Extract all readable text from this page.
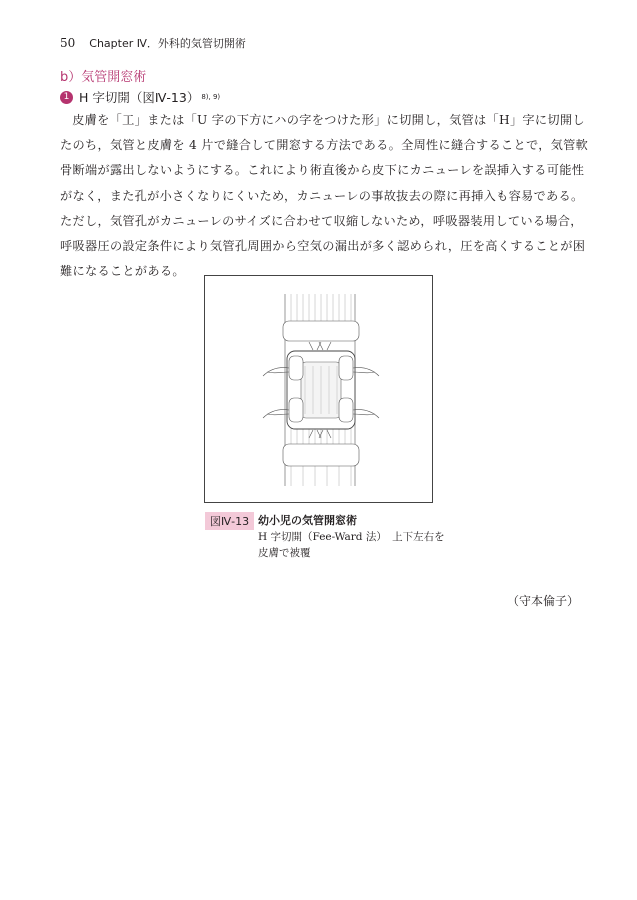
50 Chapter Ⅳ．外科的気管切開術
b）気管開窓術
1 H 字切開（図Ⅳ-13） 8), 9)
皮膚を「工」または「U 字の下方にハの字をつけた形」に切開し，気管は「H」字に切開し
たのち，気管と皮膚を 4 片で縫合して開窓する方法である。全周性に縫合することで，気管軟
骨断端が露出しないようにする。これにより術直後から皮下にカニューレを誤挿入する可能性
がなく，また孔が小さくなりにくいため，カニューレの事故抜去の際に再挿入も容易である。
ただし，気管孔がカニューレのサイズに合わせて収縮しないため，呼吸器装用している場合，
呼吸器圧の設定条件により気管孔周囲から空気の漏出が多く認められ，圧を高くすることが困
難になることがある。
図Ⅳ-13 幼小児の気管開窓術
H 字切開（Fee-Ward 法）　上下左右を
皮膚で被覆
（守本倫子）
